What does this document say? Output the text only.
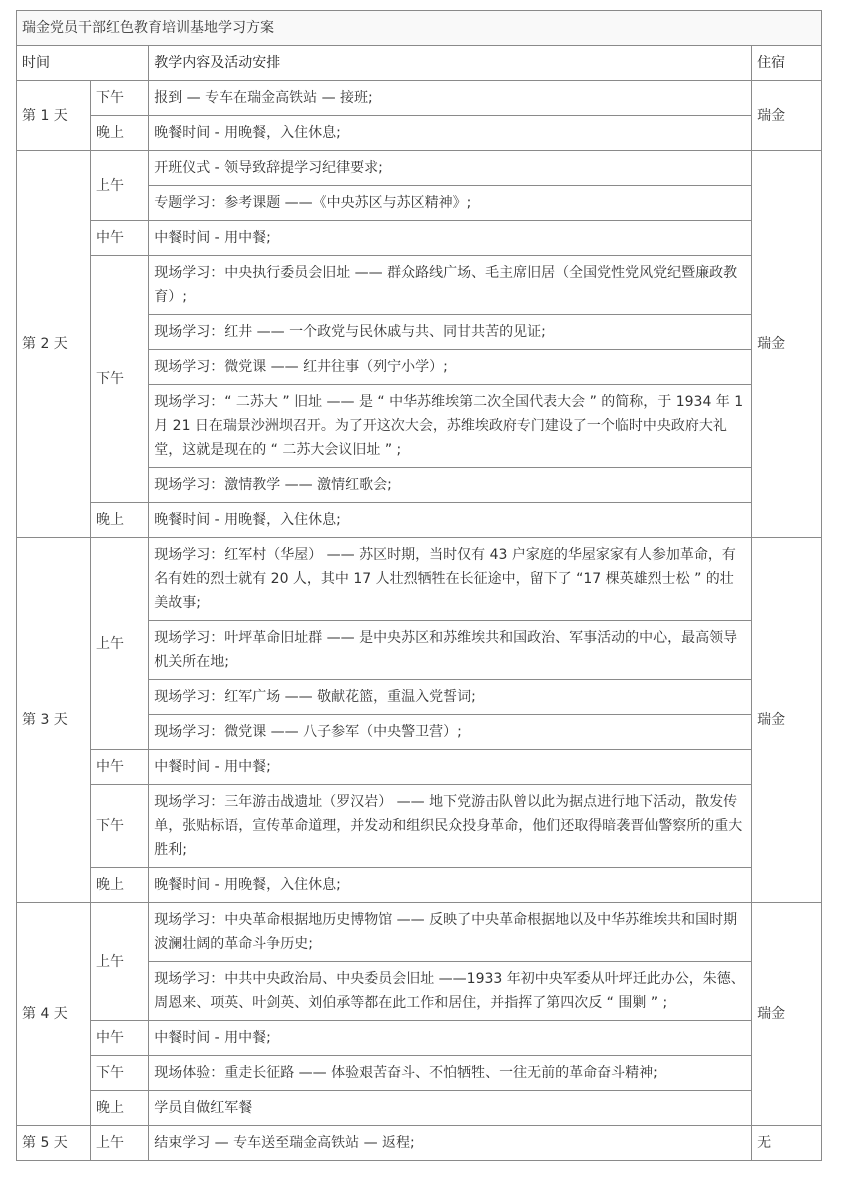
瑞金党员干部红色教育培训基地学习方案			
时间		教学内容及活动安排	住宿
第 1 天	下午	报到 — 专车在瑞金高铁站 — 接班;	瑞金
	晚上	晚餐时间 - 用晚餐，入住休息;	
第 2 天	上午	开班仪式 - 领导致辞提学习纪律要求;	瑞金
		专题学习：参考课题 ——《中央苏区与苏区精神》;	
	中午	中餐时间 - 用中餐;	
	下午	现场学习：中央执行委员会旧址 —— 群众路线广场、毛主席旧居（全国党性党风党纪暨廉政教育）;	
		现场学习：红井 —— 一个政党与民休戚与共、同甘共苦的见证;	
		现场学习：微党课 —— 红井往事（列宁小学）;	
		现场学习：“ 二苏大 ” 旧址 —— 是 “ 中华苏维埃第二次全国代表大会 ” 的简称，于 1934 年 1 月 21 日在瑞景沙洲坝召开。为了开这次大会，苏维埃政府专门建设了一个临时中央政府大礼堂，这就是现在的 “ 二苏大会议旧址 ” ;	
		现场学习：激情教学 —— 激情红歌会;	
	晚上	晚餐时间 - 用晚餐，入住休息;	
第 3 天	上午	现场学习：红军村（华屋） —— 苏区时期，当时仅有 43 户家庭的华屋家家有人参加革命，有名有姓的烈士就有 20 人，其中 17 人壮烈牺牲在长征途中，留下了 “17 棵英雄烈士松 ” 的壮美故事;	瑞金
		现场学习：叶坪革命旧址群 —— 是中央苏区和苏维埃共和国政治、军事活动的中心，最高领导机关所在地;	
		现场学习：红军广场 —— 敬献花篮，重温入党誓词;	
		现场学习：微党课 —— 八子参军（中央警卫营）;	
	中午	中餐时间 - 用中餐;	
	下午	现场学习：三年游击战遗址（罗汉岩） —— 地下党游击队曾以此为据点进行地下活动，散发传单，张贴标语，宣传革命道理，并发动和组织民众投身革命，他们还取得暗袭晋仙警察所的重大胜利;	
	晚上	晚餐时间 - 用晚餐，入住休息;	
第 4 天	上午	现场学习：中央革命根据地历史博物馆 —— 反映了中央革命根据地以及中华苏维埃共和国时期波澜壮阔的革命斗争历史;	瑞金
		现场学习：中共中央政治局、中央委员会旧址 ——1933 年初中央军委从叶坪迁此办公，朱德、周恩来、项英、叶剑英、刘伯承等都在此工作和居住，并指挥了第四次反 “ 围剿 ” ;	
	中午	中餐时间 - 用中餐;	
	下午	现场体验：重走长征路 —— 体验艰苦奋斗、不怕牺牲、一往无前的革命奋斗精神;	
	晚上	学员自做红军餐	
第 5 天	上午	结束学习 — 专车送至瑞金高铁站 — 返程;	无
